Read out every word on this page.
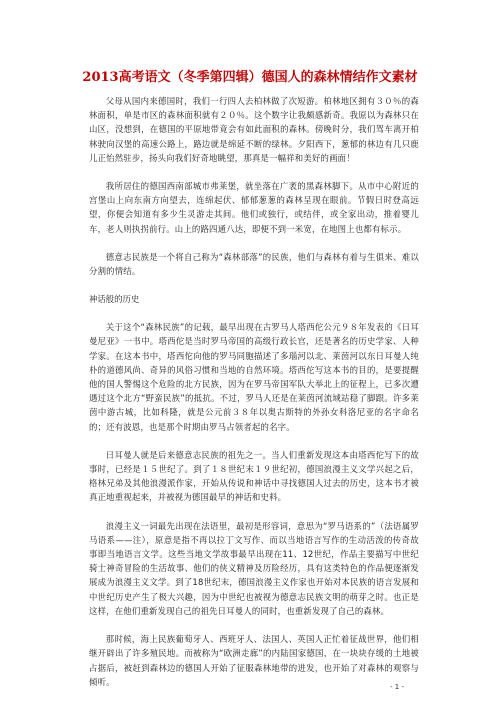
2013高考语文（冬季第四辑）德国人的森林情结作文素材

父母从国内来德国时，我们一行四人去柏林做了次短游。柏林地区拥有３０％的森林面积，单是市区的森林面积就有２０％。这个数字让我颇感新奇。我原以为森林只在山区，没想到，在德国的平原地带竟会有如此面积的森林。傍晚时分，我们驾车离开柏林驶向汉堡的高速公路上，路边就是绵延不断的绿林。夕阳西下，葱郁的林边有几只鹿儿正怡然驻步，扬头向我们好奇地眺望，那真是一幅祥和美好的画面！

我所居住的德国西南部城市弗莱堡，就坐落在广袤的黑森林脚下。从市中心附近的宫堡山上向东南方向望去，连绵起伏、郁郁葱葱的森林呈现在眼前。节假日时登高远望，你便会知道有多少生灵游走其间。他们或独行，或结伴，或全家出动，推着婴儿车，老人则执拐前行。山上的路四通八达，即便不到一米宽，在地图上也都有标示。

德意志民族是一个将自己称为“森林部落”的民族，他们与森林有着与生俱来、难以分割的情结。

神话般的历史

关于这个“森林民族”的记载，最早出现在古罗马人塔西佗公元９８年发表的《日耳曼尼亚》一书中。塔西佗是当时罗马帝国的高级行政长官，还是著名的历史学家、人种学家。在这本书中，塔西佗向他的罗马同胞描述了多瑙河以北、莱茵河以东日耳曼人纯朴的道德风尚、奇异的风俗习惯和当地的自然环境。塔西佗写这本书的目的，是要提醒他的国人警惕这个危险的北方民族，因为在罗马帝国军队大举北上的征程上，已多次遭遇过这个北方“野蛮民族”的抵抗。不过，罗马人还是在莱茵河流域站稳了脚跟。许多莱茵中游古城，比如科隆，就是公元前３８年以奥古斯特的外孙女科洛尼亚的名字命名的；还有波恩，也是那个时期由罗马占领者起的名字。

日耳曼人就是后来德意志民族的祖先之一。当人们重新发现这本由塔西佗写下的故事时，已经是１５世纪了。到了１８世纪末１９世纪初，德国浪漫主义文学兴起之后，格林兄弟及其他浪漫派作家，开始从传说和神话中寻找德国人过去的历史，这本书才被真正地重视起来，并被视为德国最早的神话和史料。

浪漫主义一词最先出现在法语里，最初是形容词，意思为“罗马语系的”（法语属罗马语系——注），原意是指不再以拉丁文写作、而以当地语言写作的生动活泼的传奇故事即当地语言文学。这些当地文学故事最早出现在11、12世纪，作品主要描写中世纪骑士神奇冒险的生活故事、他们的侠义精神及历险经历，具有这类特色的作品便逐渐发展成为浪漫主义文学。到了18世纪末，德国浪漫主义作家也开始对本民族的语言发展和中世纪历史产生了极大兴趣，因为中世纪也被视为德意志民族文明的萌芽之时。也正是这样，在他们重新发现自己的祖先日耳曼人的同时，也重新发现了自己的森林。

那时候，海上民族葡萄牙人、西班牙人、法国人、英国人正忙着征战世界，他们相继开辟出了许多殖民地。而被称为“欧洲走廊”的内陆国家德国，在一块块存缓的土地被占据后，被赶到森林边的德国人开始了征服森林地带的进发，也开始了对森林的观察与倾听。

- 1 -
